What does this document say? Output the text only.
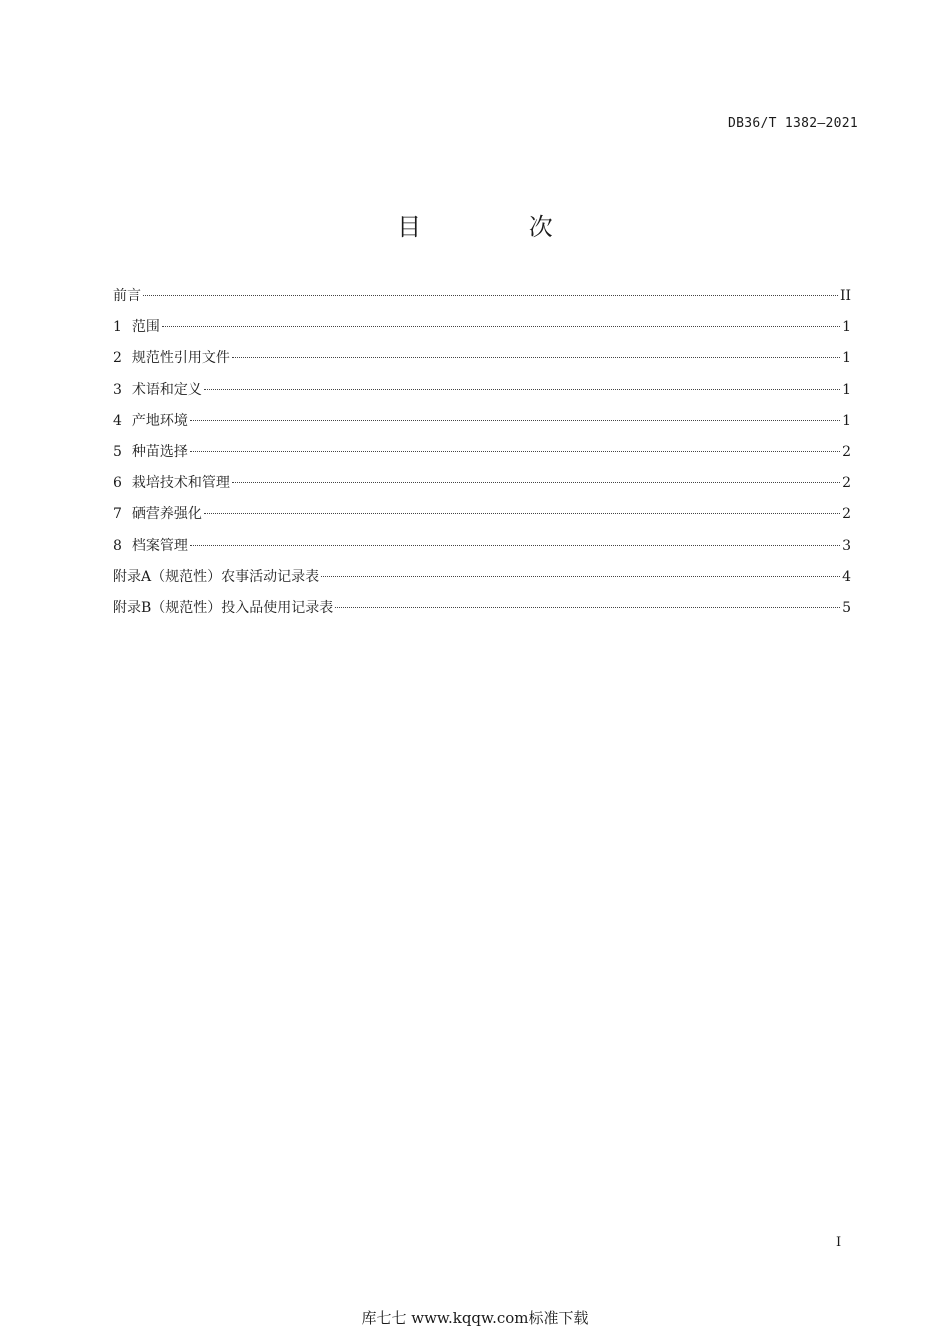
DB36/T 1382—2021
目 次
前言	II
1 范围	1
2 规范性引用文件	1
3 术语和定义	1
4 产地环境	1
5 种苗选择	2
6 栽培技术和管理	2
7 硒营养强化	2
8 档案管理	3
附录A（规范性）农事活动记录表	4
附录B（规范性）投入品使用记录表	5
I
库七七 www.kqqw.com标准下载
